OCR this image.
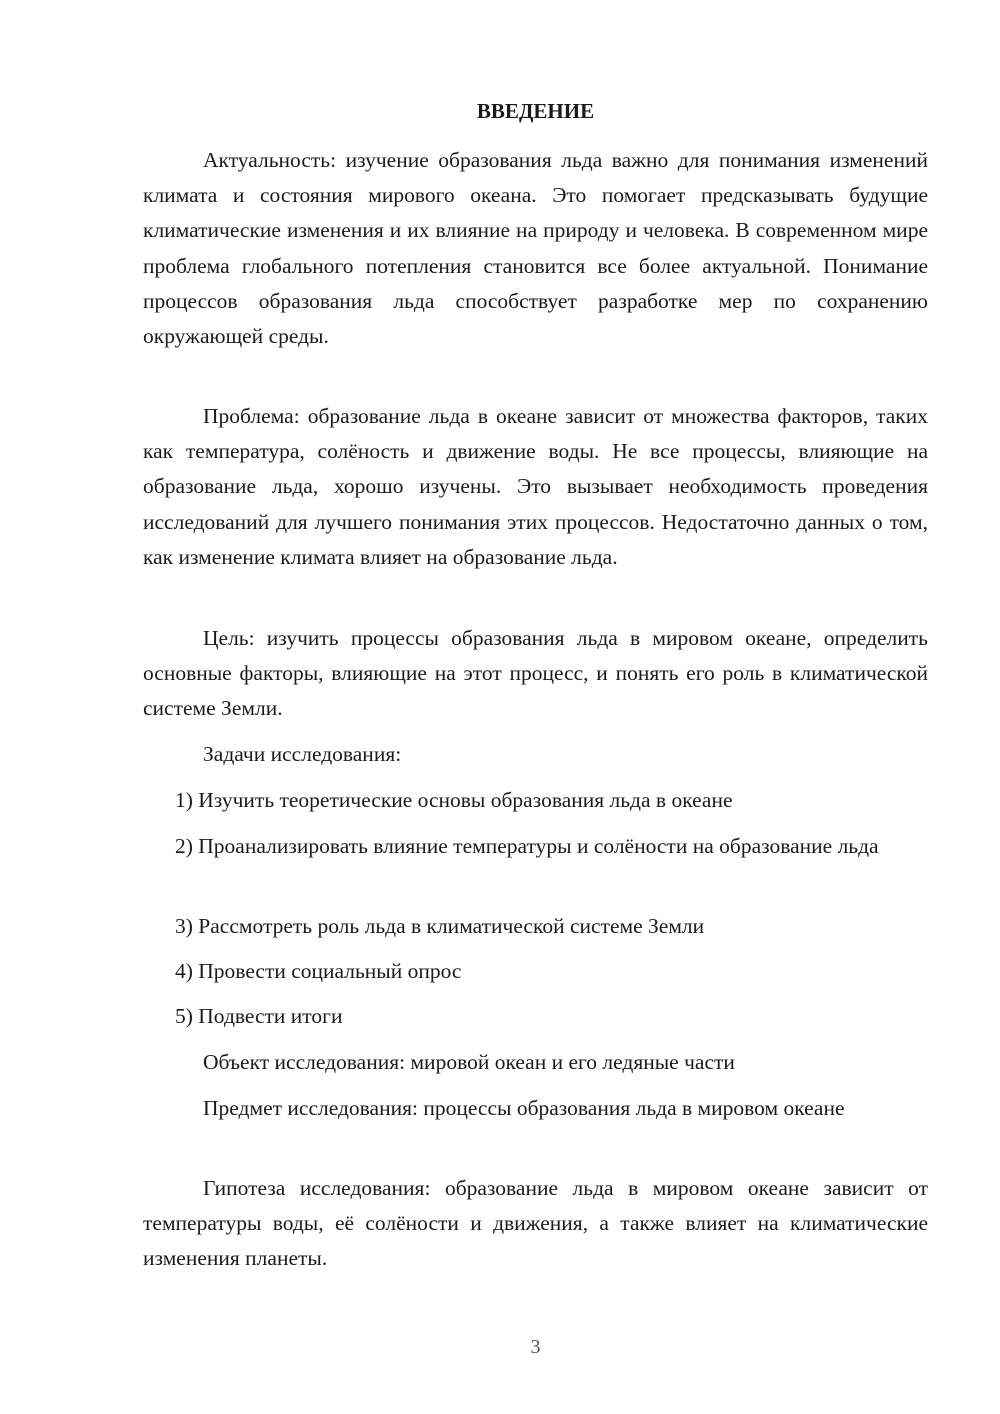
ВВЕДЕНИЕ

Актуальность: изучение образования льда важно для понимания изменений климата и состояния мирового океана. Это помогает предсказывать будущие климатические изменения и их влияние на природу и человека. В современном мире проблема глобального потепления становится все более актуальной. Понимание процессов образования льда способствует разработке мер по сохранению окружающей среды.

Проблема: образование льда в океане зависит от множества факторов, таких как температура, солёность и движение воды. Не все процессы, влияющие на образование льда, хорошо изучены. Это вызывает необходимость проведения исследований для лучшего понимания этих процессов. Недостаточно данных о том, как изменение климата влияет на образование льда.

Цель: изучить процессы образования льда в мировом океане, определить основные факторы, влияющие на этот процесс, и понять его роль в климатической системе Земли.

Задачи исследования:

1) Изучить теоретические основы образования льда в океане

2) Проанализировать влияние температуры и солёности на образование льда

3) Рассмотреть роль льда в климатической системе Земли

4) Провести социальный опрос

5) Подвести итоги

Объект исследования: мировой океан и его ледяные части

Предмет исследования: процессы образования льда в мировом океане

Гипотеза исследования: образование льда в мировом океане зависит от температуры воды, её солёности и движения, а также влияет на климатические изменения планеты.

3
